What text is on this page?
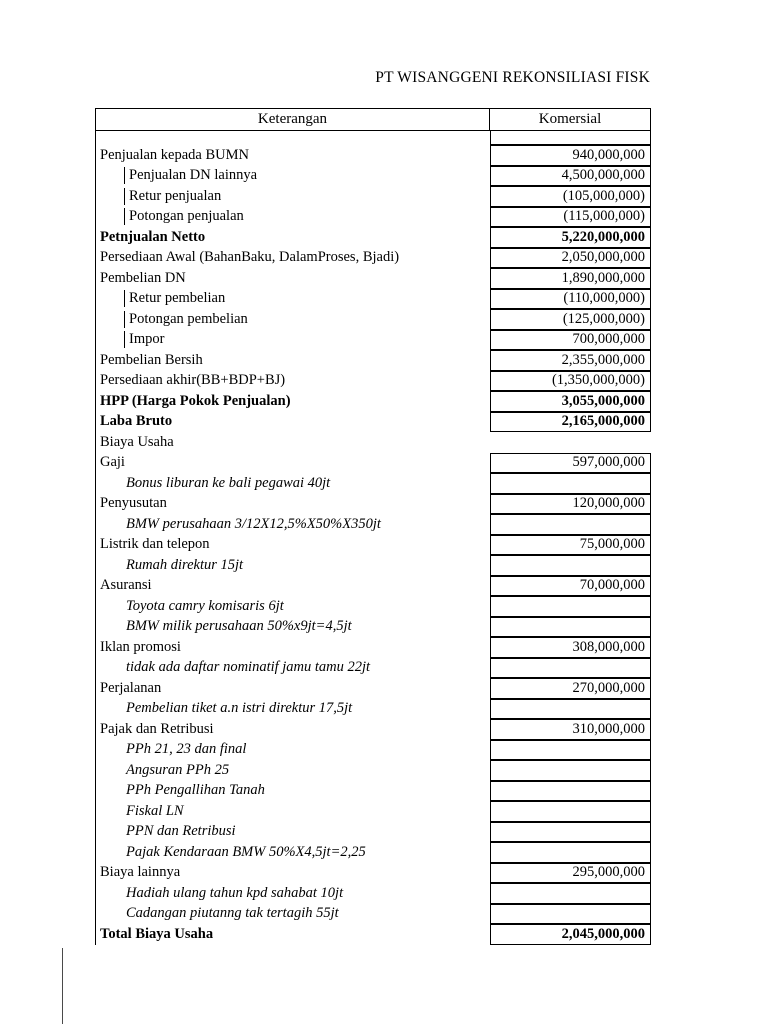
PT WISANGGENI REKONSILIASI FISK
Keterangan	Komersial
Penjualan kepada BUMN	940,000,000
Penjualan DN lainnya	4,500,000,000
Retur penjualan	(105,000,000)
Potongan penjualan	(115,000,000)
Petnjualan Netto	5,220,000,000
Persediaan Awal (BahanBaku, DalamProses, Bjadi)	2,050,000,000
Pembelian DN	1,890,000,000
Retur pembelian	(110,000,000)
Potongan pembelian	(125,000,000)
Impor	700,000,000
Pembelian Bersih	2,355,000,000
Persediaan akhir(BB+BDP+BJ)	(1,350,000,000)
HPP (Harga Pokok Penjualan)	3,055,000,000
Laba Bruto	2,165,000,000
Biaya Usaha
Gaji	597,000,000
Bonus liburan ke bali pegawai 40jt
Penyusutan	120,000,000
BMW perusahaan 3/12X12,5%X50%X350jt
Listrik dan telepon	75,000,000
Rumah direktur 15jt
Asuransi	70,000,000
Toyota camry komisaris 6jt
BMW milik perusahaan 50%x9jt=4,5jt
Iklan promosi	308,000,000
tidak ada daftar nominatif jamu tamu 22jt
Perjalanan	270,000,000
Pembelian tiket a.n istri direktur 17,5jt
Pajak dan Retribusi	310,000,000
PPh 21, 23 dan final
Angsuran PPh 25
PPh Pengallihan Tanah
Fiskal LN
PPN dan Retribusi
Pajak Kendaraan BMW 50%X4,5jt=2,25
Biaya lainnya	295,000,000
Hadiah ulang tahun kpd sahabat 10jt
Cadangan piutanng tak tertagih 55jt
Total Biaya Usaha	2,045,000,000
